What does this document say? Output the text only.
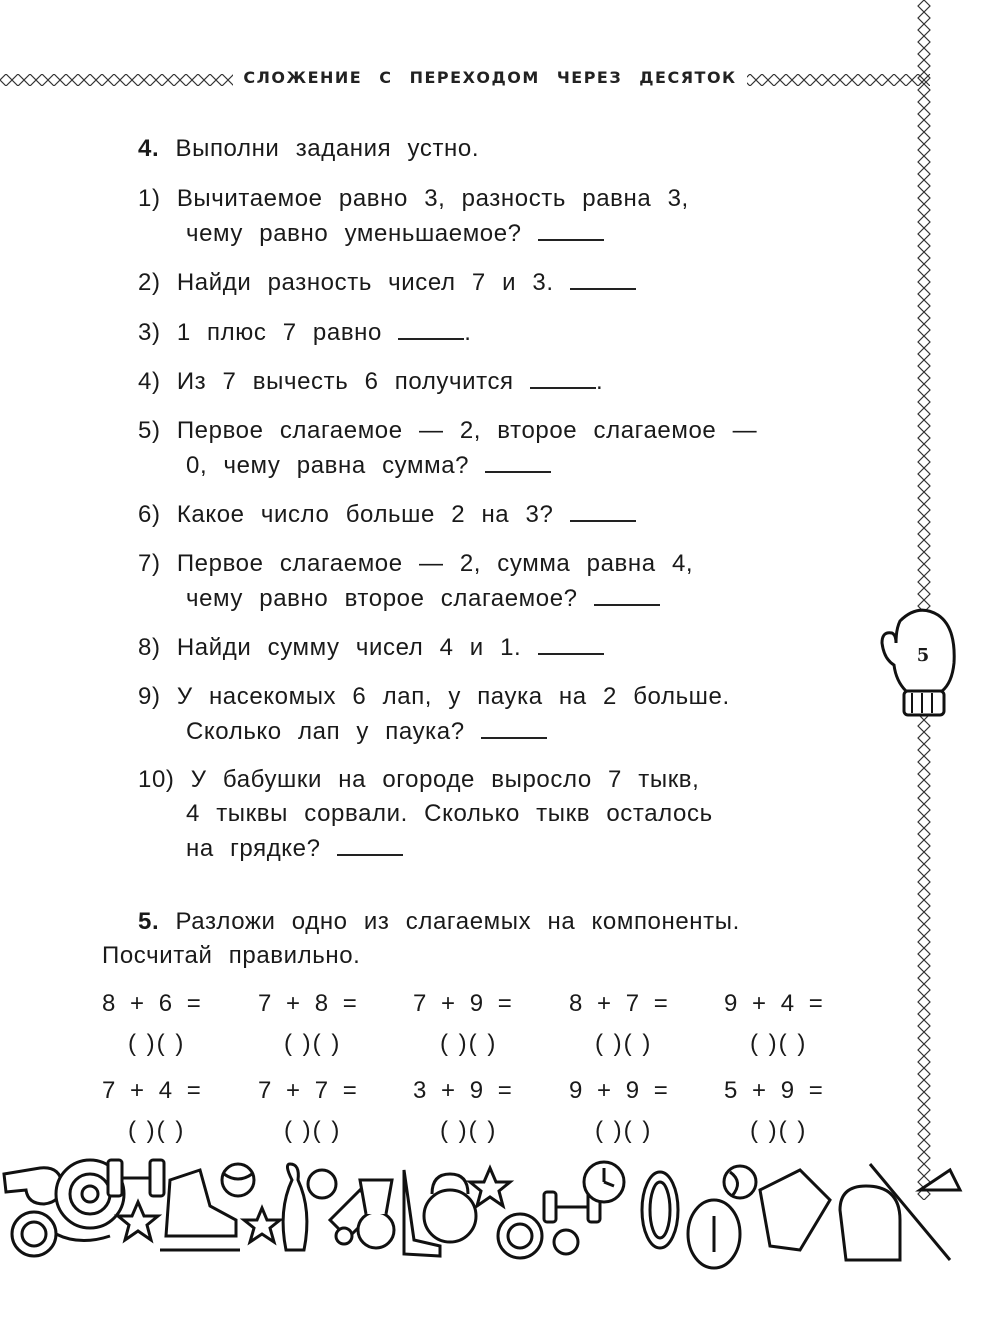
СЛОЖЕНИЕ С ПЕРЕХОДОМ ЧЕРЕЗ ДЕСЯТОК
5
4. Выполни задания устно.
1) Вычитаемое равно 3, разность равна 3,
чему равно уменьшаемое?
2) Найди разность чисел 7 и 3.
3) 1 плюс 7 равно	.
4) Из 7 вычесть 6 получится	.
5) Первое слагаемое — 2, второе слагаемое —
0, чему равна сумма?
6) Какое число больше 2 на 3?
7) Первое слагаемое — 2, сумма равна 4,
чему равно второе слагаемое?
8) Найди сумму чисел 4 и 1.
9) У насекомых 6 лап, у паука на 2 больше.
Сколько лап у паука?
10) У бабушки на огороде выросло 7 тыкв,
4 тыквы сорвали. Сколько тыкв осталось
на грядке?
5. Разложи одно из слагаемых на компоненты.
Посчитай правильно.
8 + 6 = 7 + 8 = 7 + 9 = 8 + 7 = 9 + 4 =
( )( )	( )( )	( )( )	( )( )	( )( )
7 + 4 = 7 + 7 = 3 + 9 = 9 + 9 = 5 + 9 =
( )( )	( )( )	( )( )	( )( )	( )( )
